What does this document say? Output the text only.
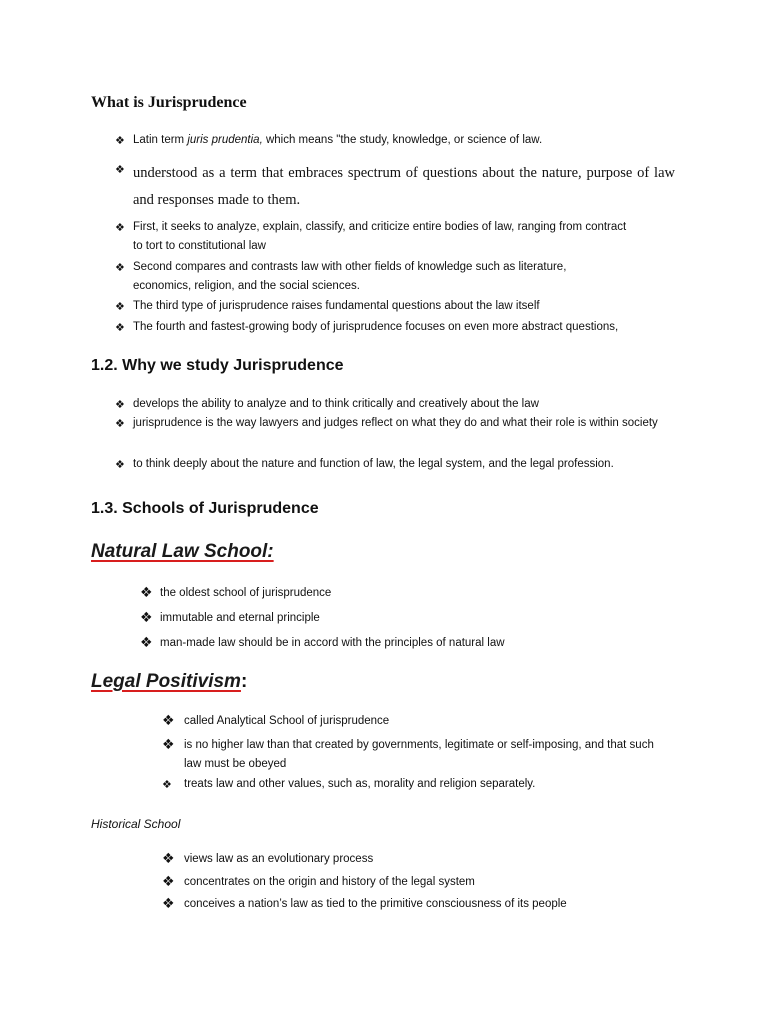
What is Jurisprudence
❖ Latin term juris prudentia, which means "the study, knowledge, or science of law.
❖ understood as a term that embraces spectrum of questions about the nature, purpose of law and responses made to them.
❖ First, it seeks to analyze, explain, classify, and criticize entire bodies of law, ranging from contract to tort to constitutional law
❖ Second compares and contrasts law with other fields of knowledge such as literature, economics, religion, and the social sciences.
❖ The third type of jurisprudence raises fundamental questions about the law itself
❖ The fourth and fastest-growing body of jurisprudence focuses on even more abstract questions,
1.2. Why we study Jurisprudence
❖ develops the ability to analyze and to think critically and creatively about the law
❖ jurisprudence is the way lawyers and judges reflect on what they do and what their role is within society
❖ to think deeply about the nature and function of law, the legal system, and the legal profession.
1.3. Schools of Jurisprudence
Natural Law School:
❖ the oldest school of jurisprudence
❖ immutable and eternal principle
❖ man-made law should be in accord with the principles of natural law
Legal Positivism:
❖ called Analytical School of jurisprudence
❖ is no higher law than that created by governments, legitimate or self-imposing, and that such law must be obeyed
❖	treats law and other values, such as, morality and religion separately.
Historical School
❖ views law as an evolutionary process
❖ concentrates on the origin and history of the legal system
❖ conceives a nation’s law as tied to the primitive consciousness of its people
